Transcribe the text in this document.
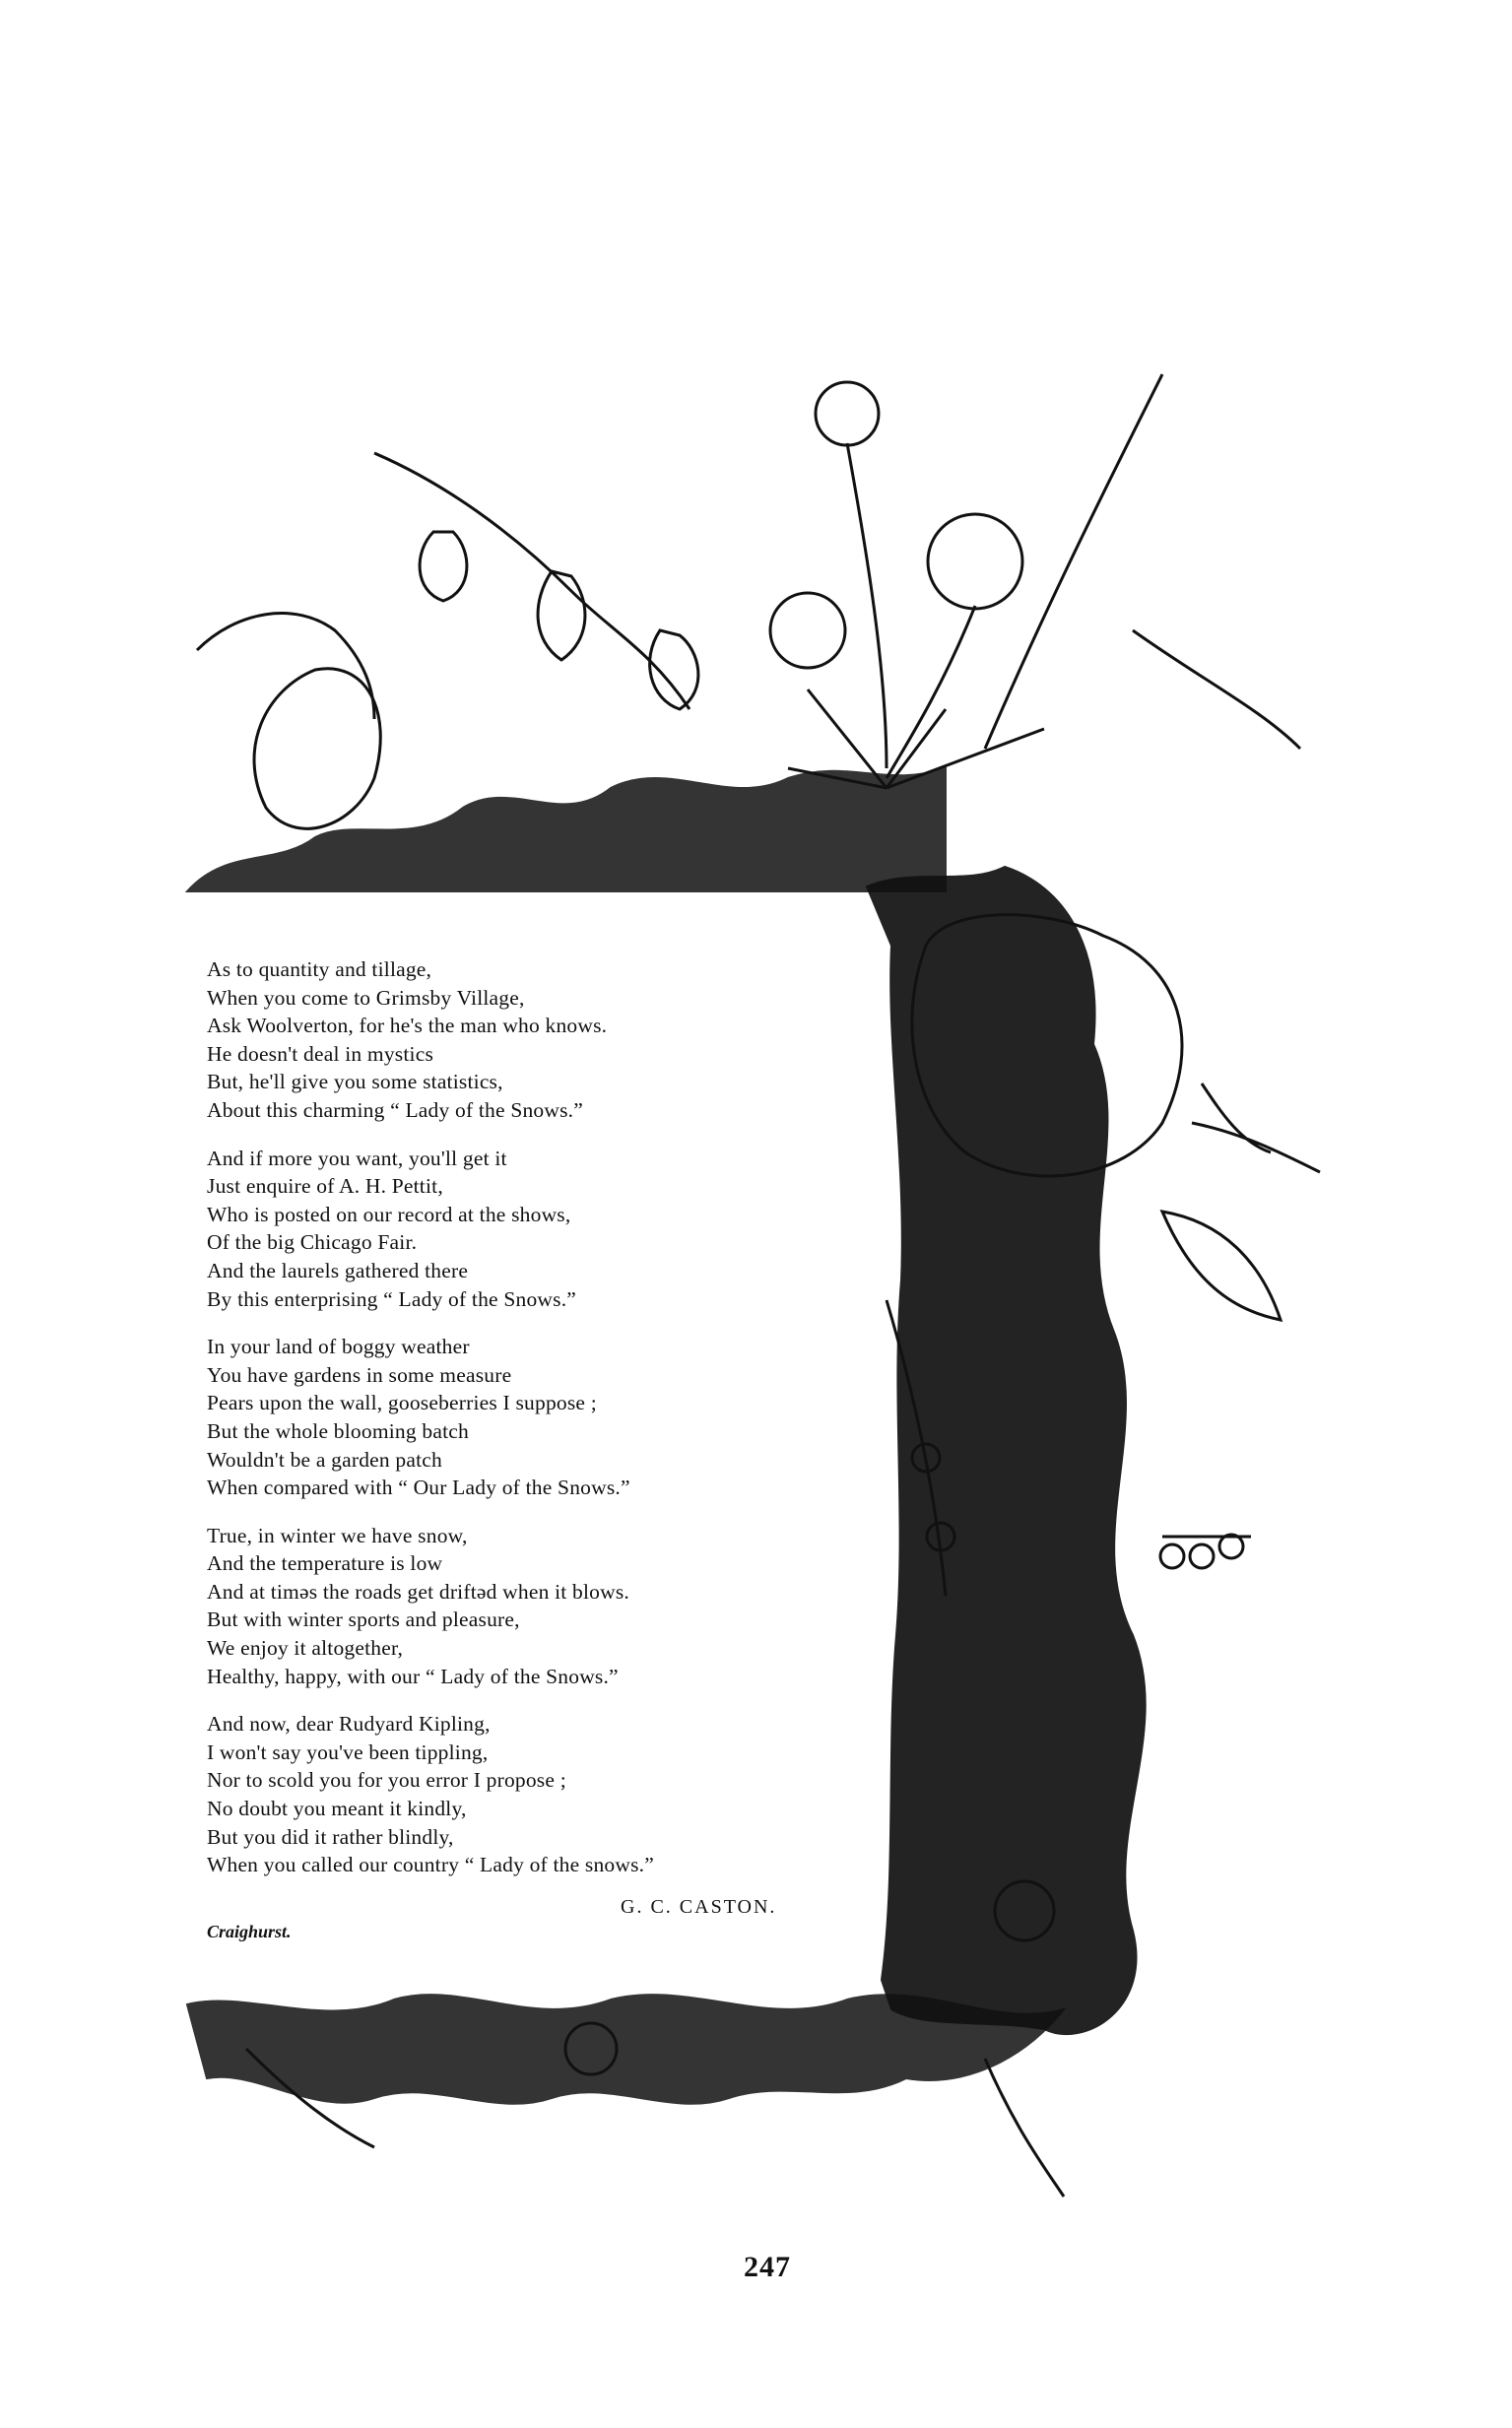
As to quantity and tillage,
When you come to Grimsby Village,
Ask Woolverton, for he's the man who knows.
He doesn't deal in mystics
But, he'll give you some statistics,
About this charming “ Lady of the Snows.”
And if more you want, you'll get it
Just enquire of A. H. Pettit,
Who is posted on our record at the shows,
Of the big Chicago Fair.
And the laurels gathered there
By this enterprising “ Lady of the Snows.”
In your land of boggy weather
You have gardens in some measure
Pears upon the wall, gooseberries I suppose ;
But the whole blooming batch
Wouldn't be a garden patch
When compared with “ Our Lady of the Snows.”
True, in winter we have snow,
And the temperature is low
And at timəs the roads get driftəd when it blows.
But with winter sports and pleasure,
We enjoy it altogether,
Healthy, happy, with our “ Lady of the Snows.”
And now, dear Rudyard Kipling,
I won't say you've been tippling,
Nor to scold you for you error I propose ;
No doubt you meant it kindly,
But you did it rather blindly,
When you called our country “ Lady of the snows.”
G. C. CASTON.
Craighurst.
247
